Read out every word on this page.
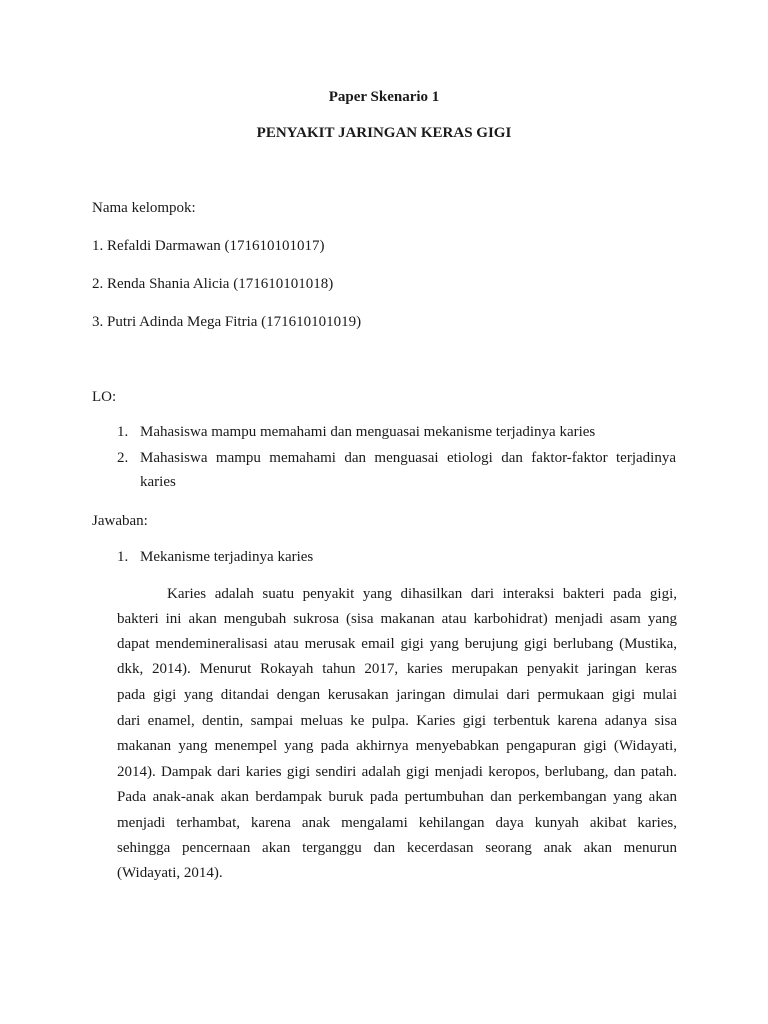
Paper Skenario 1
PENYAKIT JARINGAN KERAS GIGI
Nama kelompok:
1. Refaldi Darmawan (171610101017)
2. Renda Shania Alicia (171610101018)
3. Putri Adinda Mega Fitria (171610101019)
LO:
1. Mahasiswa mampu memahami dan menguasai mekanisme terjadinya karies
2. Mahasiswa mampu memahami dan menguasai etiologi dan faktor-faktor terjadinya
karies
Jawaban:
1. Mekanisme terjadinya karies
Karies adalah suatu penyakit yang dihasilkan dari interaksi bakteri pada gigi,
bakteri ini akan mengubah sukrosa (sisa makanan atau karbohidrat) menjadi asam yang
dapat mendemineralisasi atau merusak email gigi yang berujung gigi berlubang (Mustika,
dkk, 2014). Menurut Rokayah tahun 2017, karies merupakan penyakit jaringan keras
pada gigi yang ditandai dengan kerusakan jaringan dimulai dari permukaan gigi mulai
dari enamel, dentin, sampai meluas ke pulpa. Karies gigi terbentuk karena adanya sisa
makanan yang menempel yang pada akhirnya menyebabkan pengapuran gigi (Widayati,
2014). Dampak dari karies gigi sendiri adalah gigi menjadi keropos, berlubang, dan patah.
Pada anak-anak akan berdampak buruk pada pertumbuhan dan perkembangan yang akan
menjadi terhambat, karena anak mengalami kehilangan daya kunyah akibat karies,
sehingga pencernaan akan terganggu dan kecerdasan seorang anak akan menurun
(Widayati, 2014).
